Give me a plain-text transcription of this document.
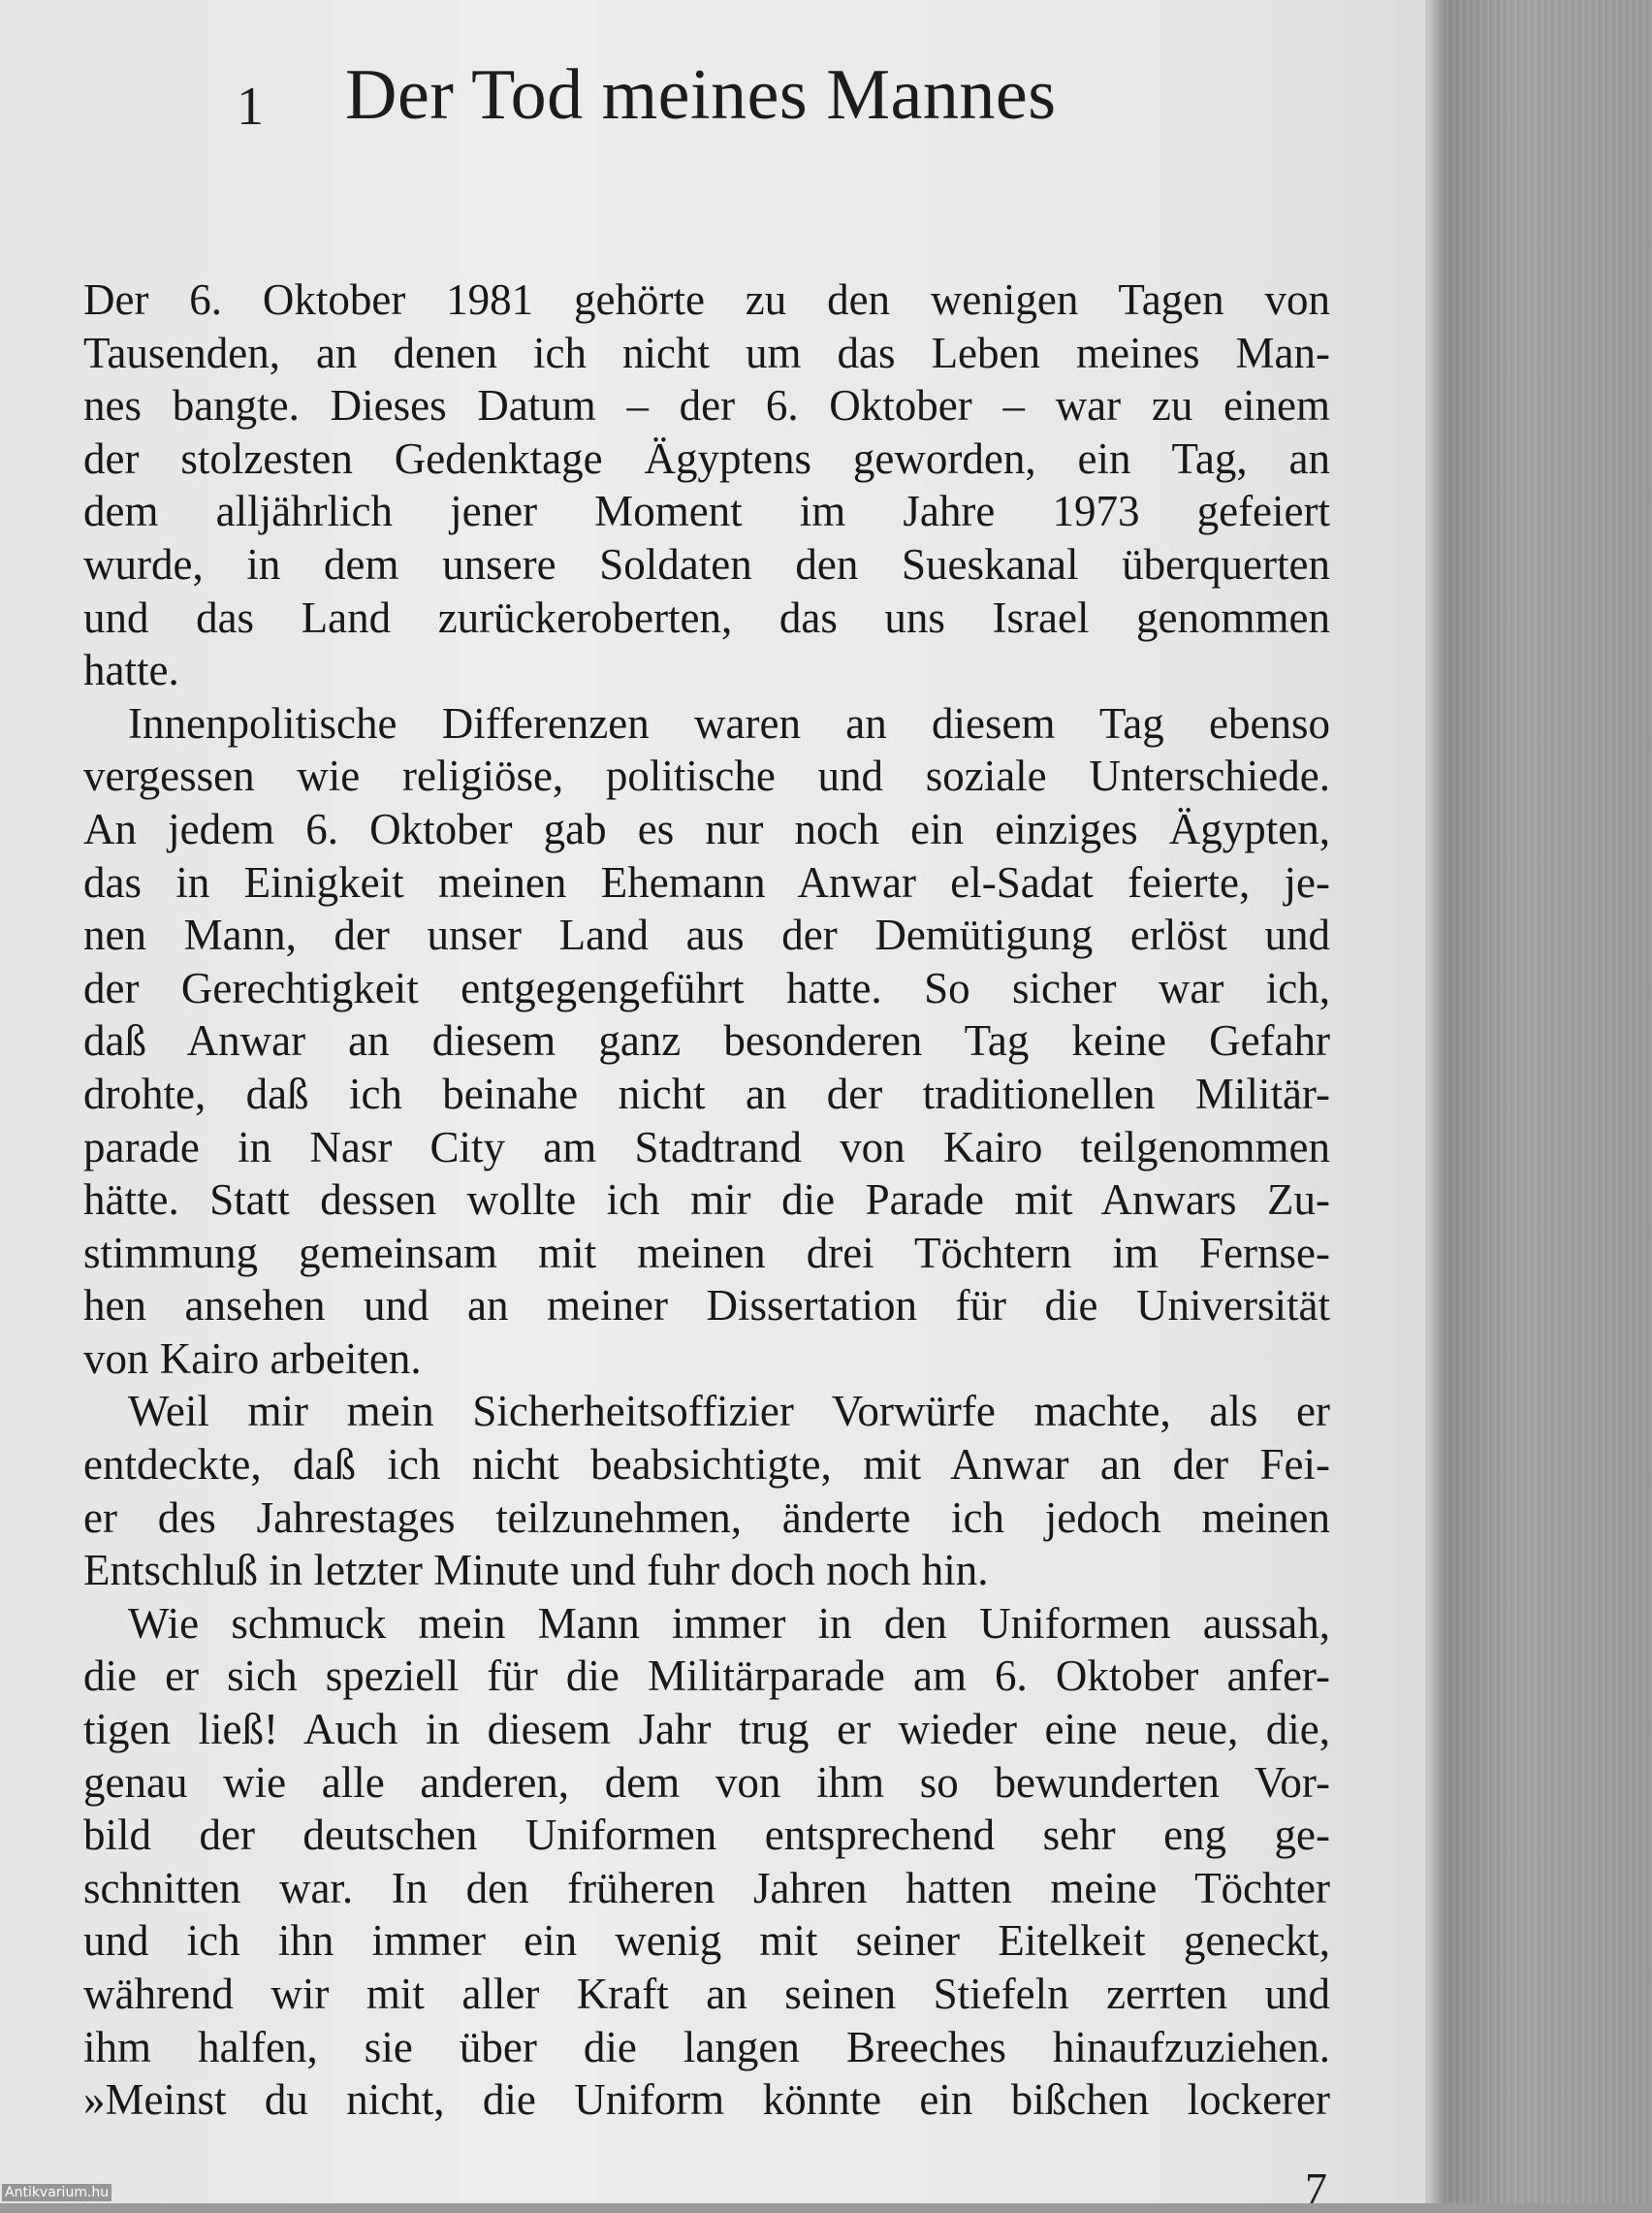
1 Der Tod meines Mannes
Der 6. Oktober 1981 gehörte zu den wenigen Tagen von
Tausenden, an denen ich nicht um das Leben meines Man-
nes bangte. Dieses Datum – der 6. Oktober – war zu einem
der stolzesten Gedenktage Ägyptens geworden, ein Tag, an
dem alljährlich jener Moment im Jahre 1973 gefeiert
wurde, in dem unsere Soldaten den Sueskanal überquerten
und das Land zurückeroberten, das uns Israel genommen
hatte.
Innenpolitische Differenzen waren an diesem Tag ebenso
vergessen wie religiöse, politische und soziale Unterschiede.
An jedem 6. Oktober gab es nur noch ein einziges Ägypten,
das in Einigkeit meinen Ehemann Anwar el-Sadat feierte, je-
nen Mann, der unser Land aus der Demütigung erlöst und
der Gerechtigkeit entgegengeführt hatte. So sicher war ich,
daß Anwar an diesem ganz besonderen Tag keine Gefahr
drohte, daß ich beinahe nicht an der traditionellen Militär-
parade in Nasr City am Stadtrand von Kairo teilgenommen
hätte. Statt dessen wollte ich mir die Parade mit Anwars Zu-
stimmung gemeinsam mit meinen drei Töchtern im Fernse-
hen ansehen und an meiner Dissertation für die Universität
von Kairo arbeiten.
Weil mir mein Sicherheitsoffizier Vorwürfe machte, als er
entdeckte, daß ich nicht beabsichtigte, mit Anwar an der Fei-
er des Jahrestages teilzunehmen, änderte ich jedoch meinen
Entschluß in letzter Minute und fuhr doch noch hin.
Wie schmuck mein Mann immer in den Uniformen aussah,
die er sich speziell für die Militärparade am 6. Oktober anfer-
tigen ließ! Auch in diesem Jahr trug er wieder eine neue, die,
genau wie alle anderen, dem von ihm so bewunderten Vor-
bild der deutschen Uniformen entsprechend sehr eng ge-
schnitten war. In den früheren Jahren hatten meine Töchter
und ich ihn immer ein wenig mit seiner Eitelkeit geneckt,
während wir mit aller Kraft an seinen Stiefeln zerrten und
ihm halfen, sie über die langen Breeches hinaufzuziehen.
»Meinst du nicht, die Uniform könnte ein bißchen lockerer
7
Antikvarium.hu
